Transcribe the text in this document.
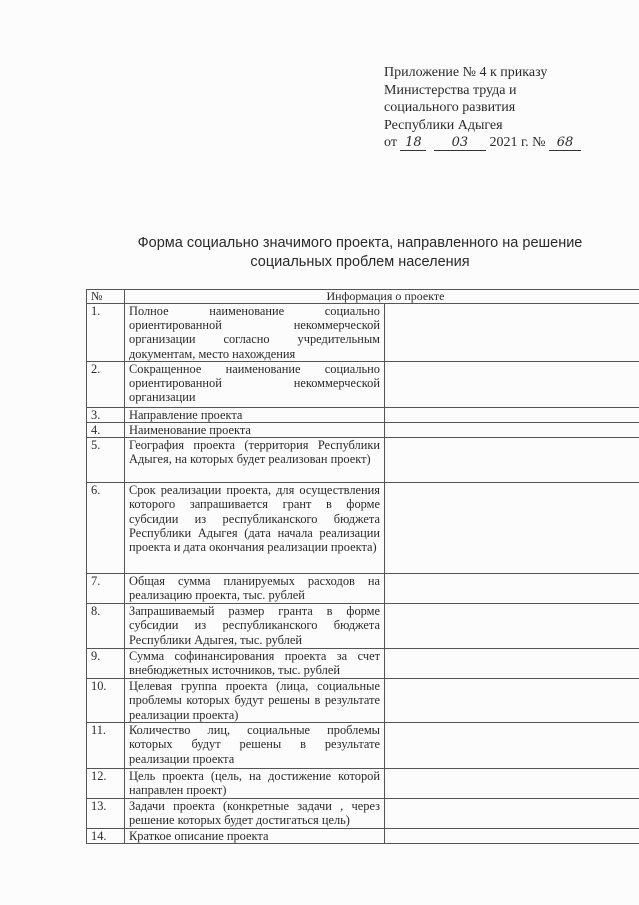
Приложение № 4 к приказу
Министерства труда и
социального развития
Республики Адыгея
от 18 03 2021 г. № 68
Форма социально значимого проекта, направленного на решение
социальных проблем населения
№	Информация о проекте	
1.	Полное наименование социально ориентированной некоммерческой организации согласно учредительным документам, место нахождения	
2.	Сокращенное наименование социально ориентированной некоммерческой организации	
3.	Направление проекта	
4.	Наименование проекта	
5.	География проекта (территория Республики Адыгея, на которых будет реализован проект)	
6.	Срок реализации проекта, для осуществления которого запрашивается грант в форме субсидии из республиканского бюджета Республики Адыгея (дата начала реализации проекта и дата окончания реализации проекта)	
7.	Общая сумма планируемых расходов на реализацию проекта, тыс. рублей	
8.	Запрашиваемый размер гранта в форме субсидии из республиканского бюджета Республики Адыгея, тыс. рублей	
9.	Сумма софинансирования проекта за счет внебюджетных источников, тыс. рублей	
10.	Целевая группа проекта (лица, социальные проблемы которых будут решены в результате реализации проекта)	
11.	Количество лиц, социальные проблемы которых будут решены в результате реализации проекта	
12.	Цель проекта (цель, на достижение которой направлен проект)	
13.	Задачи проекта (конкретные задачи , через решение которых будет достигаться цель)	
14.	Краткое описание проекта	
